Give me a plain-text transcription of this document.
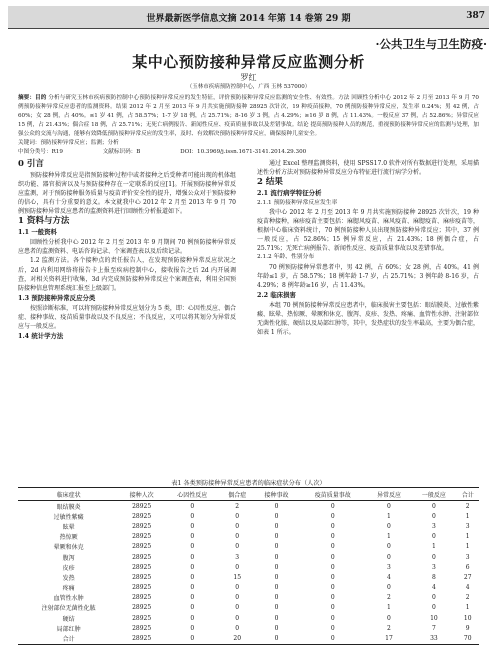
世界最新医学信息文摘 2014 年第 14 卷第 29 期	387
·公共卫生与卫生防疫·
某中心预防接种异常反应监测分析
罗红
（玉林市疾病预防控制中心，广西 玉林 537000）
摘要：目的 分析与研究玉林市疾病预防控制中心预防接种异常反应的发生特征，评价预防接种异常反应监测的安全性、有效性。方法 回顾性分析中心 2012 年 2 月至 2013 年 9 月 70 例预防接种异常反应患者的监测资料。结果 2012 年 2 月至 2013 年 9 月共实施预防接种 28925 次针次，19 种疫苗接种，70 例预防接种异常反应，发生率 0.24%；男 42 例，占 60%；女 28 例，占 40%。≤1 岁 41 例，占 58.57%；1-7 岁 18 例，占 25.71%；8-16 岁 3 例，占 4.29%；≥16 岁 8 例，占 11.43%。一般反应 37 例，占 52.86%；异常反应 15 例，占 21.43%；偶合症 18 例，占 25.71%；无死亡病例报告、新闻性反应、疫苗质量事故以及差错事故。结论 提高预防接种人员的规范，重视预防接种异常反应的监测与处理，加强公众的交流与沟通，能够有效降低预防接种异常反应的发生率，及时、有效解决预防接种异常反应，确保接种儿童安全。
关键词：预防接种异常反应；监测；分析
中图分类号：R19	文献标识码：B	DOI：10.3969/j.issn.1671-3141.2014.29.300
0 引言

预防接种异常反应是指预防接种过程中或者接种之后受种者可能出现的机体组织功能、器官损害以及与预防接种存在一定联系的反应[1]。开展预防接种异常反应监测，对于预防接种服务质量与疫苗评价安全性的提升，增强公众对于预防接种的信心，具有十分重要的意义。本文就我中心 2012 年 2 月至 2013 年 9 月 70 例预防接种异常反应患者的监测资料进行回顾性分析报道如下。

1 资料与方法
1.1 一般资料

回顾性分析我中心 2012 年 2 月至 2013 年 9 月期间 70 例预防接种异常反应患者的监测资料、电话咨询记录、个案调查表以及后续记录。

1.2 监测方法。各个接种点的责任报告人，在发现预防接种异常反应状况之后，2d 内利用网络将报告卡上报至疾病控制中心，接收报告之后 2d 内开展调查，对相关资料进行收集，3d 内完成预防接种异常反应个案调查表，利用全国预防接种信息管理系统汇报至上级部门。

1.3 预防接种异常反应分类

按照诊断标准，可以将预防接种异常反应划分为 5 类，即：心因性反应、偶合症、接种事故、疫苗质量事故以及不良反应；不良反应，又可以将其划分为异常反应与一般反应。

1.4 统计学方法

通过 Excel 整理监测资料，使用 SPSS17.0 软件对所有数据进行处理，采用描述性分析方法对预防接种异常反应分布特征进行流行病学分析。

2 结果
2.1 流行病学特征分析
2.1.1 预防接种异常反应发生率

我中心 2012 年 2 月至 2013 年 9 月共实施预防接种 28925 次针次，19 种疫苗种接种，麻疹疫苗主要包括：麻腮风疫苗、麻风疫苗、麻腮疫苗、麻疹疫苗等，根据中心临床资料统计，70 例预防接种人员出现预防接种异常反应；其中，37 例一般反应，占 52.86%；15 例异常反应，占 21.43%；18 例偶合症，占 25.71%；无死亡病例报告、新闻性反应、疫苗质量事故以及差错事故。

2.1.2 年龄、性别分布

70 例预防接种异常患者中，男 42 例，占 60%；女 28 例，占 40%。41 例年龄≤1 岁，占 58.57%；18 例年龄 1-7 岁，占 25.71%；3 例年龄 8-16 岁，占 4.29%；8 例年龄≥16 岁，占 11.43%。

2.2 临床损害

本组 70 例预防接种异常反应患者中，临床损害主要包括：眼结膜炎、过敏性紫癜、眩晕、热惊厥、晕厥和休克、腹泻、皮疹、发热、疼痛、血管性水肿、注射部位无菌性化脓、硬结以及局部红肿等，其中，发热症状的发生率最高，主要为偶合症，如表 1 所示。

表1 各类预防接种异常反应患者的临床症状分布（人次）
临床症状	接种人次	心因性反应	偶合症	接种事故	疫苗质量事故	异常反应	一般反应	合计
眼结膜炎	28925	0	2	0	0	0	0	2
过敏性紫癜	28925	0	0	0	0	1	0	1
眩晕	28925	0	0	0	0	0	3	3
热惊厥	28925	0	0	0	0	1	0	1
晕厥和休克	28925	0	0	0	0	0	1	1
腹泻	28925	0	3	0	0	0	0	3
皮疹	28925	0	0	0	0	3	3	6
发热	28925	0	15	0	0	4	8	27
疼痛	28925	0	0	0	0	0	4	4
血管性水肿	28925	0	0	0	0	2	0	2
注射部位无菌性化脓	28925	0	0	0	0	1	0	1
硬结	28925	0	0	0	0	0	10	10
局部红肿	28925	0	0	0	0	2	7	9
合计	28925	0	20	0	0	17	33	70
